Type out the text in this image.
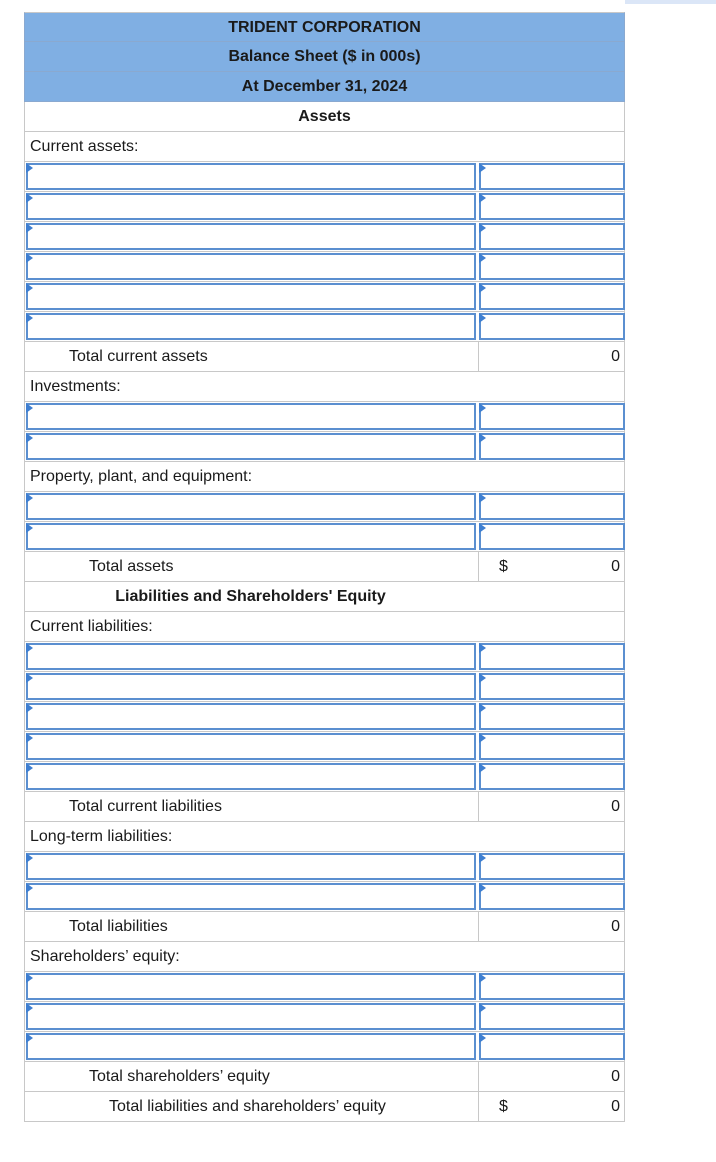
TRIDENT CORPORATION
Balance Sheet ($ in 000s)
At December 31, 2024
Assets
Current assets:
Total current assets	0
Investments:
Property, plant, and equipment:
Total assets	$	0
Liabilities and Shareholders' Equity
Current liabilities:
Total current liabilities	0
Long-term liabilities:
Total liabilities	0
Shareholders’ equity:
Total shareholders’ equity	0
Total liabilities and shareholders’ equity	$	0
